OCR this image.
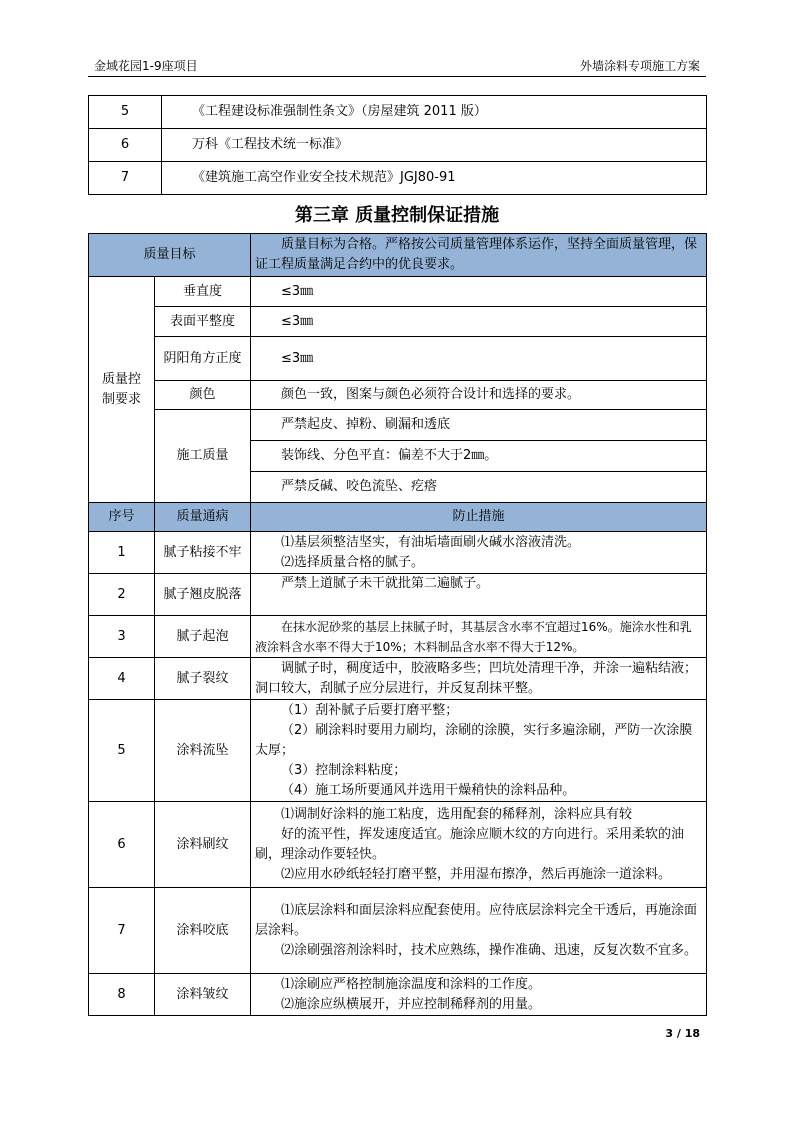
金域花园1-9座项目	外墙涂料专项施工方案
5	《工程建设标准强制性条文》（房屋建筑 2011 版）
6	万科《工程技术统一标准》
7	《建筑施工高空作业安全技术规范》JGJ80-91
第三章 质量控制保证措施
质量目标		质量目标为合格。严格按公司质量管理体系运作，坚持全面质量管理，保证工程质量满足合约中的优良要求。
质量控制要求	垂直度	≤3㎜
	表面平整度	≤3㎜
	阴阳角方正度	≤3㎜
	颜色	颜色一致，图案与颜色必须符合设计和选择的要求。
	施工质量	严禁起皮、掉粉、刷漏和透底
		装饰线、分色平直：偏差不大于2㎜。
		严禁反碱、咬色流坠、疙瘩
序号	质量通病	防止措施
1	腻子粘接不牢	⑴基层须整洁坚实，有油垢墙面刷火碱水溶液清洗。

⑵选择质量合格的腻子。

2	腻子翘皮脱落	严禁上道腻子未干就批第二遍腻子。

3	腻子起泡	在抹水泥砂浆的基层上抹腻子时，其基层含水率不宜超过16%。施涂水性和乳液涂料含水率不得大于10%；木料制品含水率不得大于12%。

4	腻子裂纹	调腻子时，稠度适中，胶液略多些；凹坑处清理干净，并涂一遍粘结液；洞口较大，刮腻子应分层进行，并反复刮抹平整。

5	涂料流坠	（1）刮补腻子后要打磨平整；

（2）刷涂料时要用力刷均，涂刷的涂膜，实行多遍涂刷，严防一次涂膜太厚；

（3）控制涂料粘度；

（4）施工场所要通风并选用干燥稍快的涂料品种。

6	涂料刷纹	⑴调制好涂料的施工粘度，选用配套的稀释剂，涂料应具有较

好的流平性，挥发速度适宜。施涂应顺木纹的方向进行。采用柔软的油刷，理涂动作要轻快。

⑵应用水砂纸轻轻打磨平整，并用湿布擦净，然后再施涂一道涂料。

7	涂料咬底	⑴底层涂料和面层涂料应配套使用。应待底层涂料完全干透后，再施涂面层涂料。

⑵涂刷强溶剂涂料时，技术应熟练，操作准确、迅速，反复次数不宜多。

8	涂料皱纹	⑴涂刷应严格控制施涂温度和涂料的工作度。

⑵施涂应纵横展开，并应控制稀释剂的用量。

3 / 18
